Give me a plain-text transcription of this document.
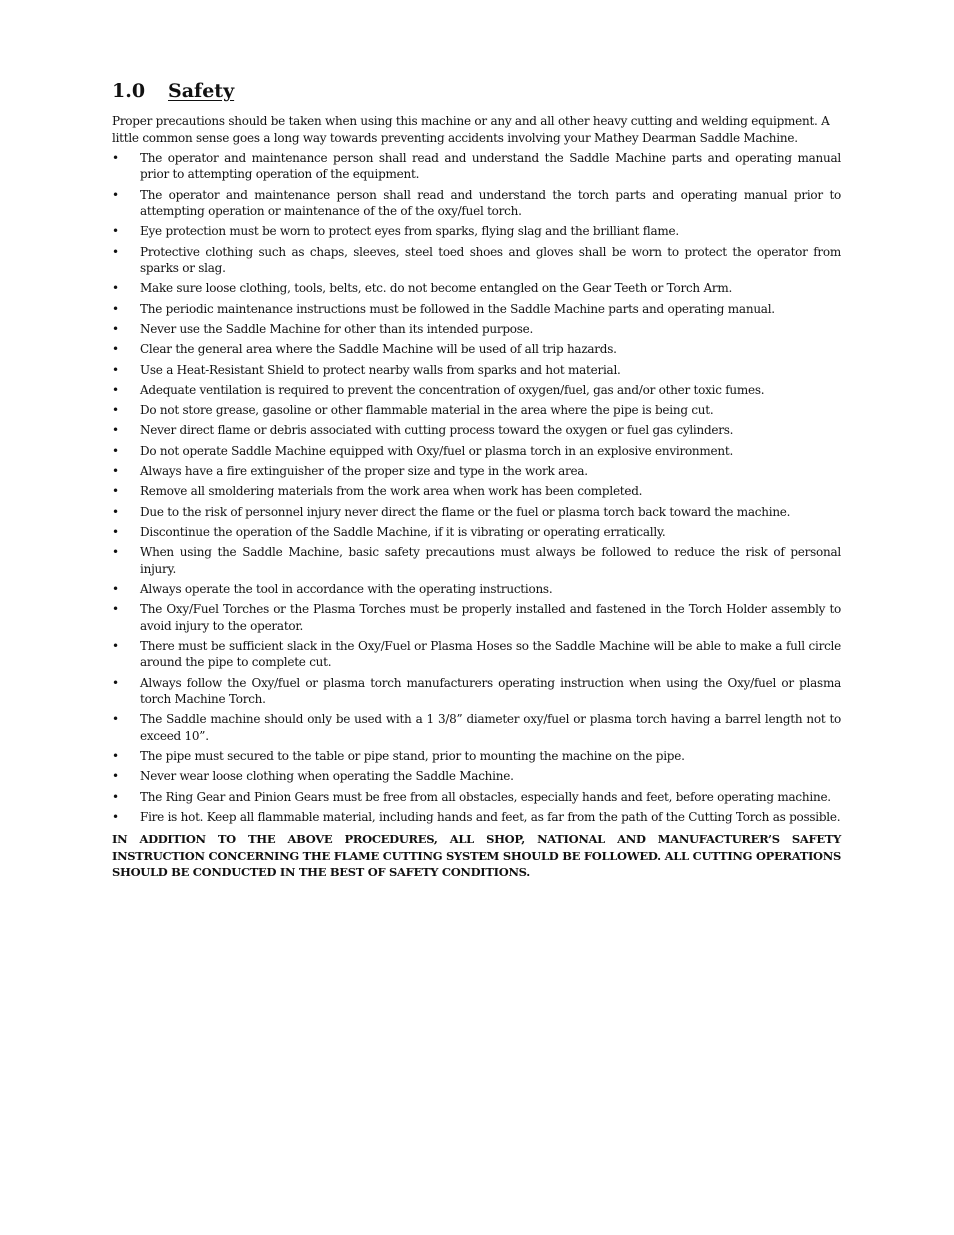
1.0	Safety

Proper precautions should be taken when using this machine or any and all other heavy cutting and welding equipment. A little common sense goes a long way towards preventing accidents involving your Mathey Dearman Saddle Machine.

• The operator and maintenance person shall read and understand the Saddle Machine parts and operating manual prior to attempting operation of the equipment.
• The operator and maintenance person shall read and understand the torch parts and operating manual prior to attempting operation or maintenance of the of the oxy/fuel torch.
• Eye protection must be worn to protect eyes from sparks, flying slag and the brilliant flame.
• Protective clothing such as chaps, sleeves, steel toed shoes and gloves shall be worn to protect the operator from sparks or slag.
• Make sure loose clothing, tools, belts, etc. do not become entangled on the Gear Teeth or Torch Arm.
• The periodic maintenance instructions must be followed in the Saddle Machine parts and operating manual.
• Never use the Saddle Machine for other than its intended purpose.
• Clear the general area where the Saddle Machine will be used of all trip hazards.
• Use a Heat-Resistant Shield to protect nearby walls from sparks and hot material.
• Adequate ventilation is required to prevent the concentration of oxygen/fuel, gas and/or other toxic fumes.
• Do not store grease, gasoline or other flammable material in the area where the pipe is being cut.
• Never direct flame or debris associated with cutting process toward the oxygen or fuel gas cylinders.
• Do not operate Saddle Machine equipped with Oxy/fuel or plasma torch in an explosive environment.
• Always have a fire extinguisher of the proper size and type in the work area.
• Remove all smoldering materials from the work area when work has been completed.
• Due to the risk of personnel injury never direct the flame or the fuel or plasma torch back toward the machine.
• Discontinue the operation of the Saddle Machine, if it is vibrating or operating erratically.
• When using the Saddle Machine, basic safety precautions must always be followed to reduce the risk of personal injury.
• Always operate the tool in accordance with the operating instructions.
• The Oxy/Fuel Torches or the Plasma Torches must be properly installed and fastened in the Torch Holder assembly to avoid injury to the operator.
• There must be sufficient slack in the Oxy/Fuel or Plasma Hoses so the Saddle Machine will be able to make a full circle around the pipe to complete cut.
• Always follow the Oxy/fuel or plasma torch manufacturers operating instruction when using the Oxy/fuel or plasma torch Machine Torch.
• The Saddle machine should only be used with a 1 3/8” diameter oxy/fuel or plasma torch having a barrel length not to exceed 10”.
• The pipe must secured to the table or pipe stand, prior to mounting the machine on the pipe.
• Never wear loose clothing when operating the Saddle Machine.
• The Ring Gear and Pinion Gears must be free from all obstacles, especially hands and feet, before operating machine.
• Fire is hot. Keep all flammable material, including hands and feet, as far from the path of the Cutting Torch as possible.

IN ADDITION TO THE ABOVE PROCEDURES, ALL SHOP, NATIONAL AND MANUFACTURER’S SAFETY INSTRUCTION CONCERNING THE FLAME CUTTING SYSTEM SHOULD BE FOLLOWED. ALL CUTTING OPERATIONS SHOULD BE CONDUCTED IN THE BEST OF SAFETY CONDITIONS.
